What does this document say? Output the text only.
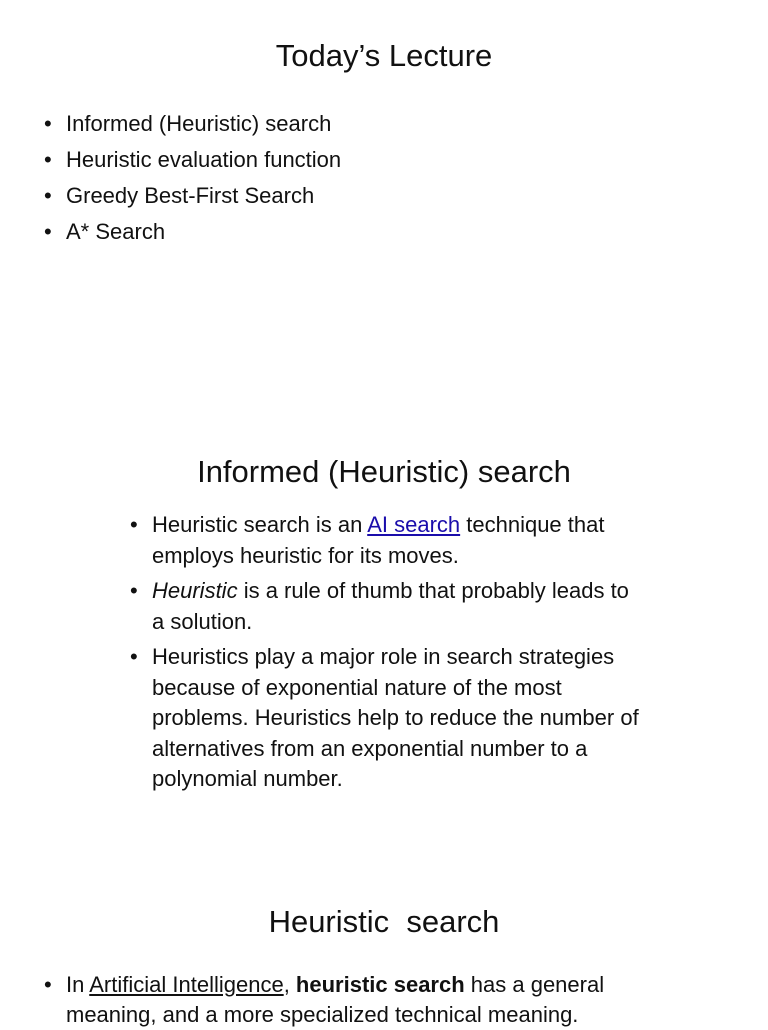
Today’s Lecture
• Informed (Heuristic) search
• Heuristic evaluation function
• Greedy Best-First Search
• A* Search
Informed (Heuristic) search
• Heuristic search is an AI search technique that employs heuristic for its moves.
• Heuristic is a rule of thumb that probably leads to a solution.
• Heuristics play a major role in search strategies because of exponential nature of the most problems. Heuristics help to reduce the number of alternatives from an exponential number to a polynomial number.
Heuristic  search
• In Artificial Intelligence, heuristic search has a general meaning, and a more specialized technical meaning.
